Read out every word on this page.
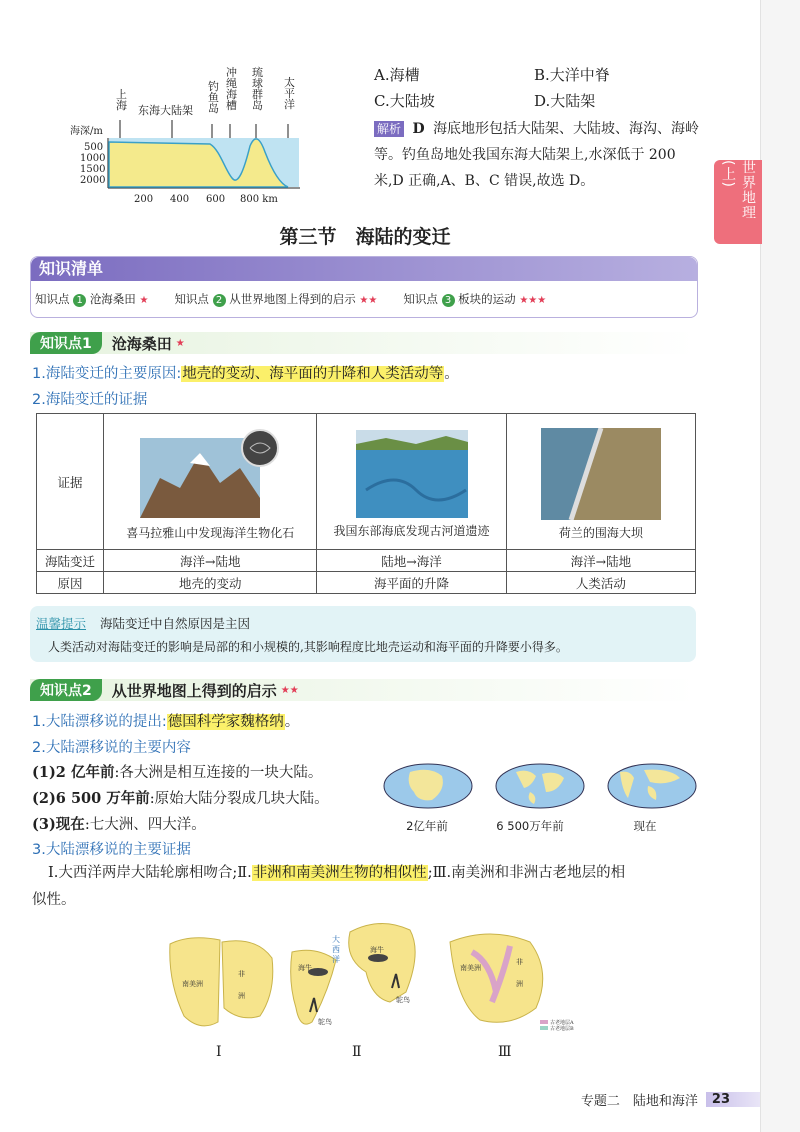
上海 东海大陆架
钓鱼岛
冲绳海槽
琉球群岛
太平洋
海深/m
500
1000
1500
2000
200 400 600 800 km
A.海槽	B.大洋中脊
C.大陆坡	D.大陆架
解析 D 海底地形包括大陆架、大陆坡、海沟、海岭等。钓鱼岛地处我国东海大陆架上,水深低于 200 米,D 正确,A、B、C 错误,故选 D。	世界地理(上)
第三节　海陆的变迁
知识清单
知识点 1 沧海桑田 ★ 知识点 2 从世界地图上得到的启示 ★★ 知识点 3 板块的运动 ★★★
知识点1	沧海桑田 ★
1.海陆变迁的主要原因:地壳的变动、海平面的升降和人类活动等。
2.海陆变迁的证据
证据	喜马拉雅山中发现海洋生物化石	我国东部海底发现古河道遗迹	荷兰的围海大坝

海陆变迁	海洋→陆地	陆地→海洋	海洋→陆地
原因	地壳的变动	海平面的升降	人类活动
温馨提示 海陆变迁中自然原因是主因
人类活动对海陆变迁的影响是局部的和小规模的,其影响程度比地壳运动和海平面的升降要小得多。
知识点2	从世界地图上得到的启示 ★★
1.大陆漂移说的提出:德国科学家魏格纳。
2.大陆漂移说的主要内容
(1)2 亿年前:各大洲是相互连接的一块大陆。
(2)6 500 万年前:原始大陆分裂成几块大陆。
(3)现在:七大洲、四大洋。	2亿年前	6 500万年前	现在
3.大陆漂移说的主要证据
Ⅰ.大西洋两岸大陆轮廓相吻合;Ⅱ.非洲和南美洲生物的相似性;Ⅲ.南美洲和非洲古老地层的相
似性。
南美洲
非洲
大西洋
海牛
海牛
鸵鸟
鸵鸟
南美洲
非洲
古老地层A
古老地层B
Ⅰ	Ⅱ	Ⅲ
专题二　陆地和海洋	23
